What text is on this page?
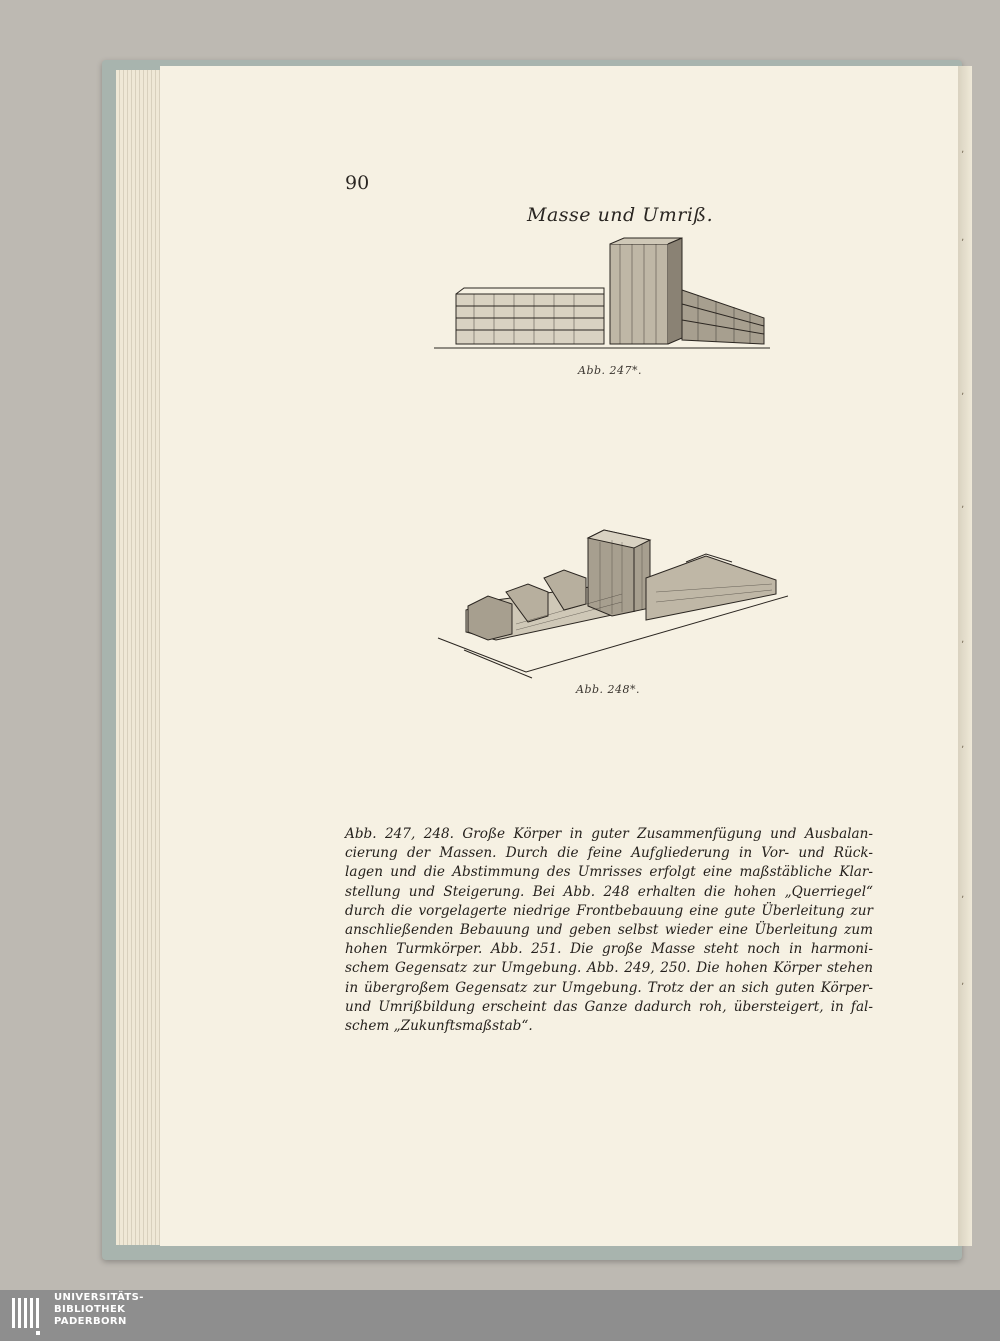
ʼ
ʼ
ʼ
ʼ
ʼ
ʼ
ʼ
ʼ
90
Masse und Umriß.
Abb. 247*.
Abb. 248*.
Abb. 247, 248. Große Körper in guter Zusammenfügung und Ausbalan-
cierung der Massen. Durch die feine Aufgliederung in Vor- und Rück-
lagen und die Abstimmung des Umrisses erfolgt eine maßstäbliche Klar-
stellung und Steigerung. Bei Abb. 248 erhalten die hohen „Querriegel“
durch die vorgelagerte niedrige Frontbebauung eine gute Überleitung zur
anschließenden Bebauung und geben selbst wieder eine Überleitung zum
hohen Turmkörper. Abb. 251. Die große Masse steht noch in harmoni-
schem Gegensatz zur Umgebung. Abb. 249, 250. Die hohen Körper stehen
in übergroßem Gegensatz zur Umgebung. Trotz der an sich guten Körper-
und Umrißbildung erscheint das Ganze dadurch roh, übersteigert, in fal-
schem „Zukunftsmaßstab“.
UNIVERSITÄTS-
BIBLIOTHEK
PADERBORN
